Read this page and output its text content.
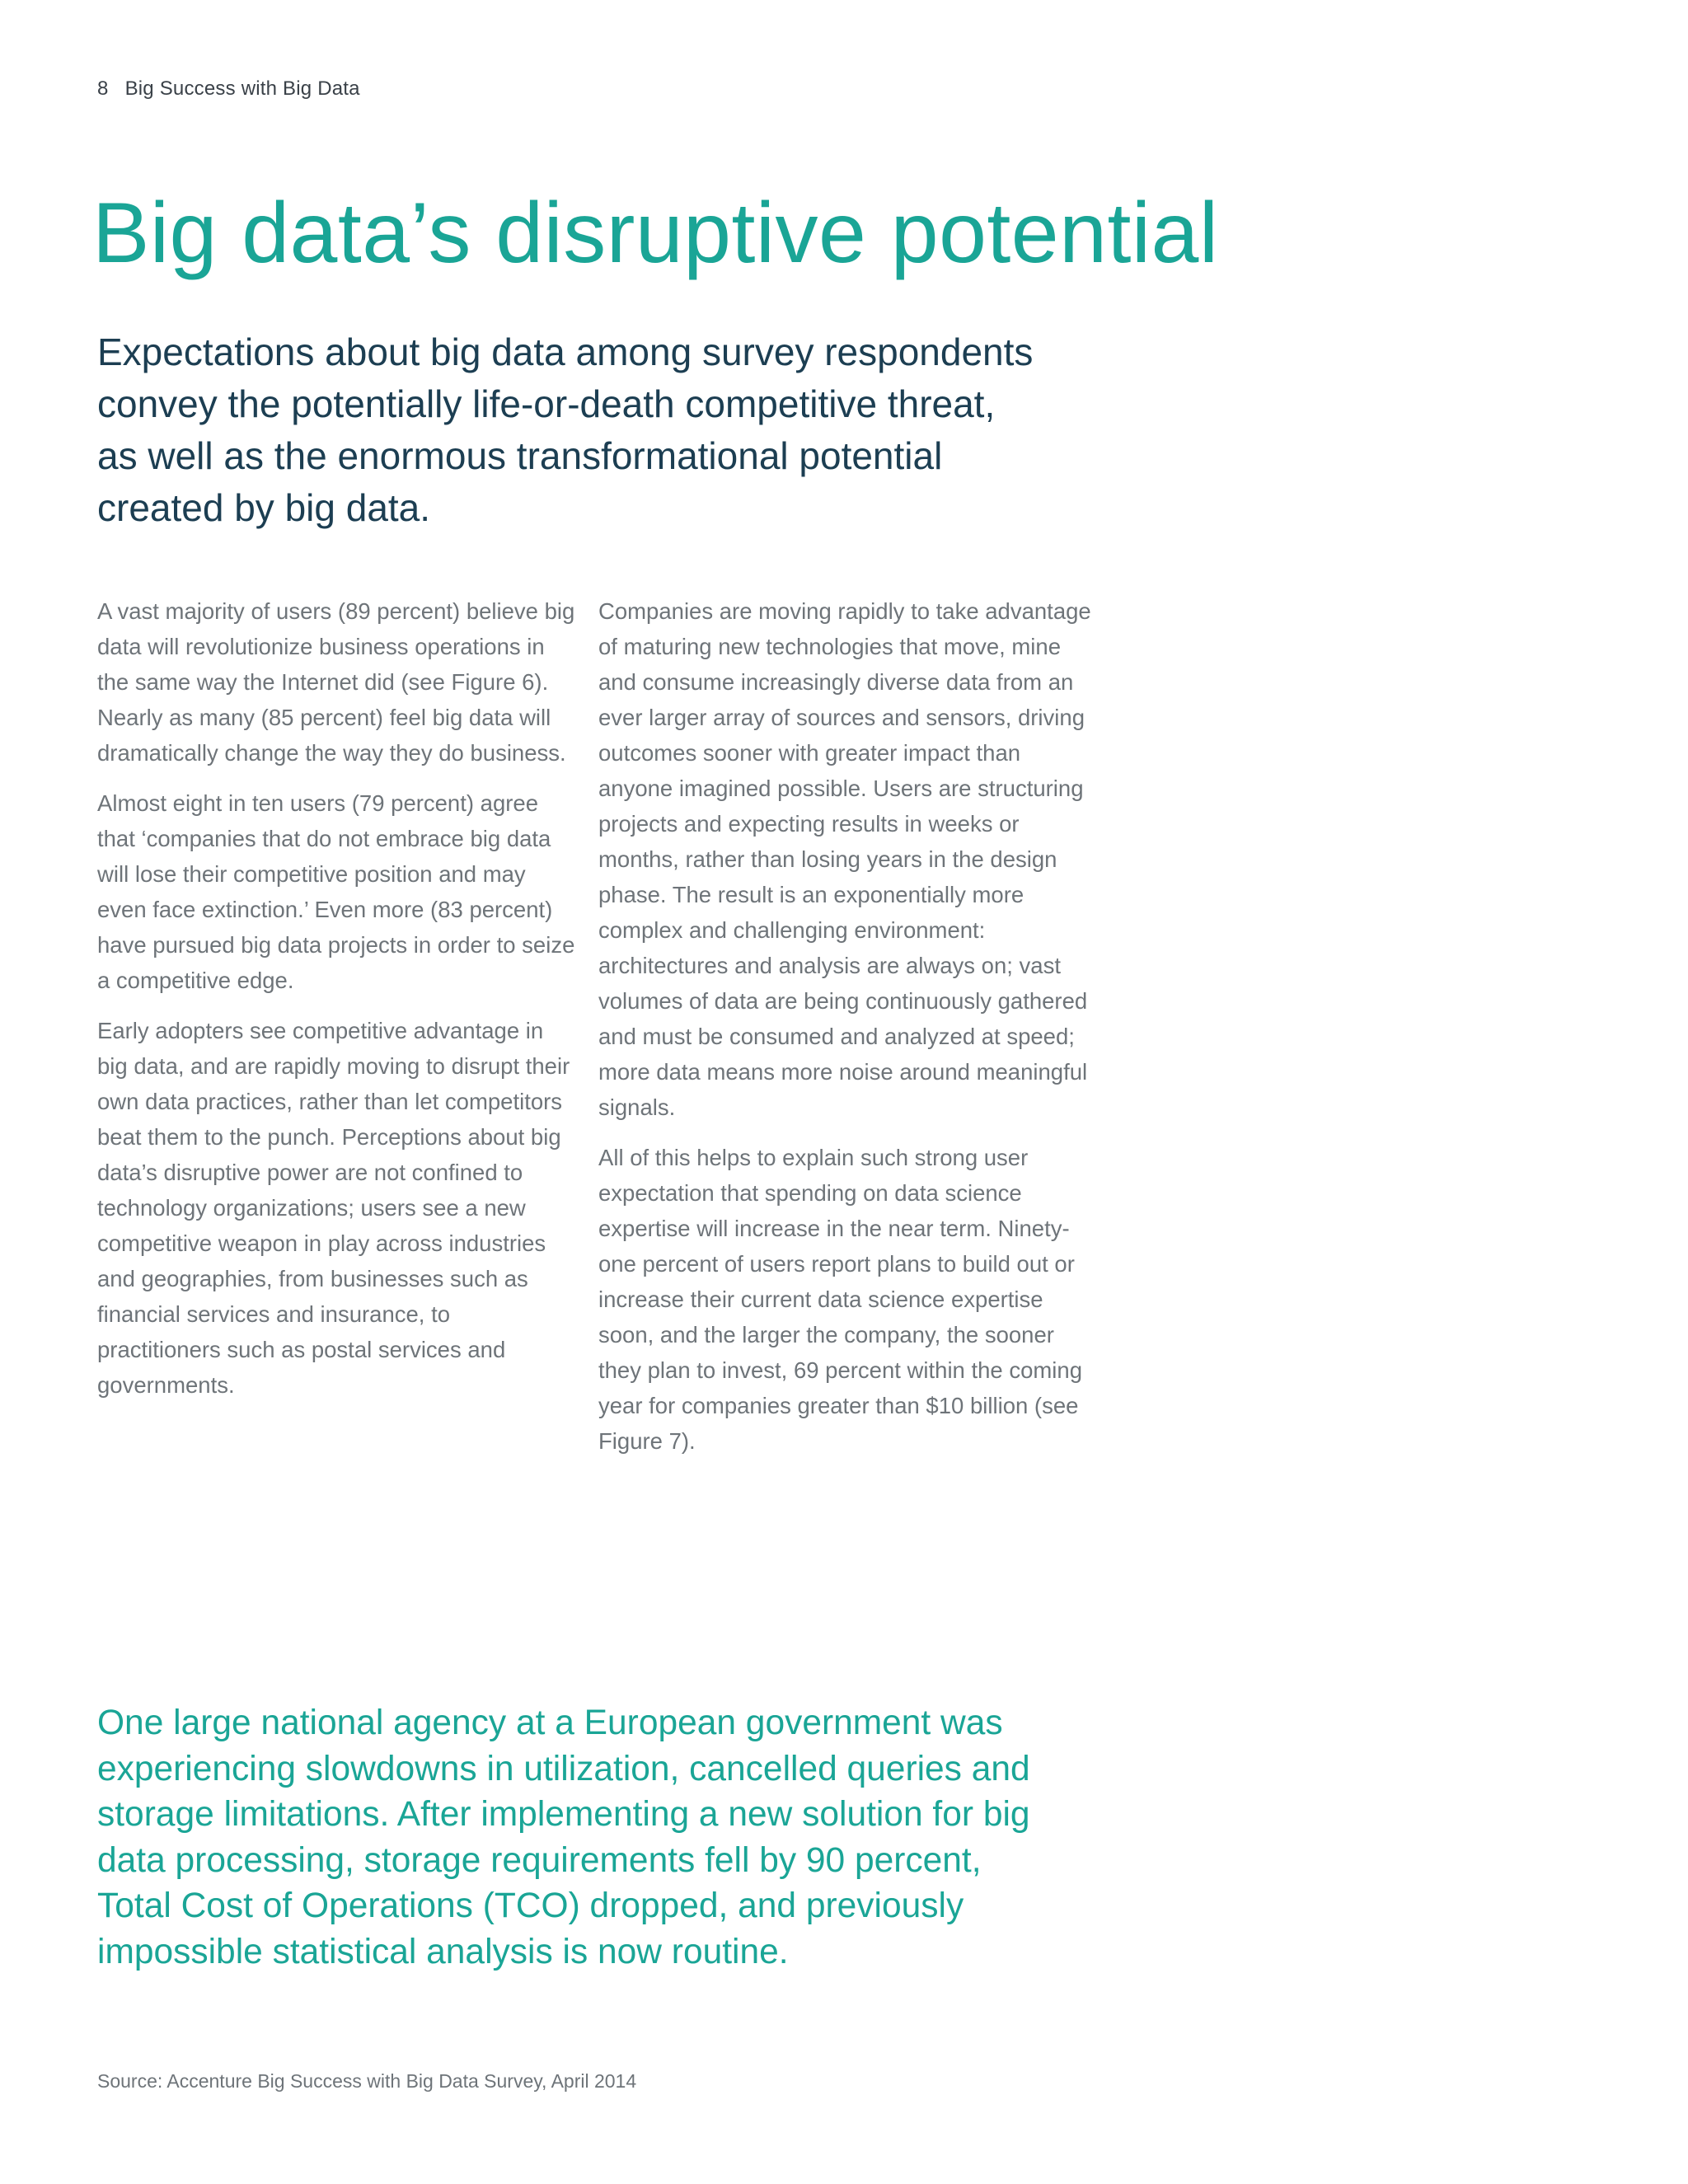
8 Big Success with Big Data
Big data’s disruptive potential

Expectations about big data among survey respondents convey the potentially life-or-death competitive threat, as well as the enormous transformational potential created by big data.

A vast majority of users (89 percent) believe big data will revolutionize business operations in the same way the Internet did (see Figure 6). Nearly as many (85 percent) feel big data will dramatically change the way they do business.

Almost eight in ten users (79 percent) agree that ‘companies that do not embrace big data will lose their competitive position and may even face extinction.’ Even more (83 percent) have pursued big data projects in order to seize a competitive edge.

Early adopters see competitive advantage in big data, and are rapidly moving to disrupt their own data practices, rather than let competitors beat them to the punch. Perceptions about big data’s disruptive power are not confined to technology organizations; users see a new competitive weapon in play across industries and geographies, from businesses such as financial services and insurance, to practitioners such as postal services and governments.

Companies are moving rapidly to take advantage of maturing new technologies that move, mine and consume increasingly diverse data from an ever larger array of sources and sensors, driving outcomes sooner with greater impact than anyone imagined possible. Users are structuring projects and expecting results in weeks or months, rather than losing years in the design phase. The result is an exponentially more complex and challenging environment: architectures and analysis are always on; vast volumes of data are being continuously gathered and must be consumed and analyzed at speed; more data means more noise around meaningful signals.

All of this helps to explain such strong user expectation that spending on data science expertise will increase in the near term. Ninety-one percent of users report plans to build out or increase their current data science expertise soon, and the larger the company, the sooner they plan to invest, 69 percent within the coming year for companies greater than $10 billion (see Figure 7).

One large national agency at a European government was experiencing slowdowns in utilization, cancelled queries and storage limitations. After implementing a new solution for big data processing, storage requirements fell by 90 percent, Total Cost of Operations (TCO) dropped, and previously impossible statistical analysis is now routine.

Source: Accenture Big Success with Big Data Survey, April 2014
